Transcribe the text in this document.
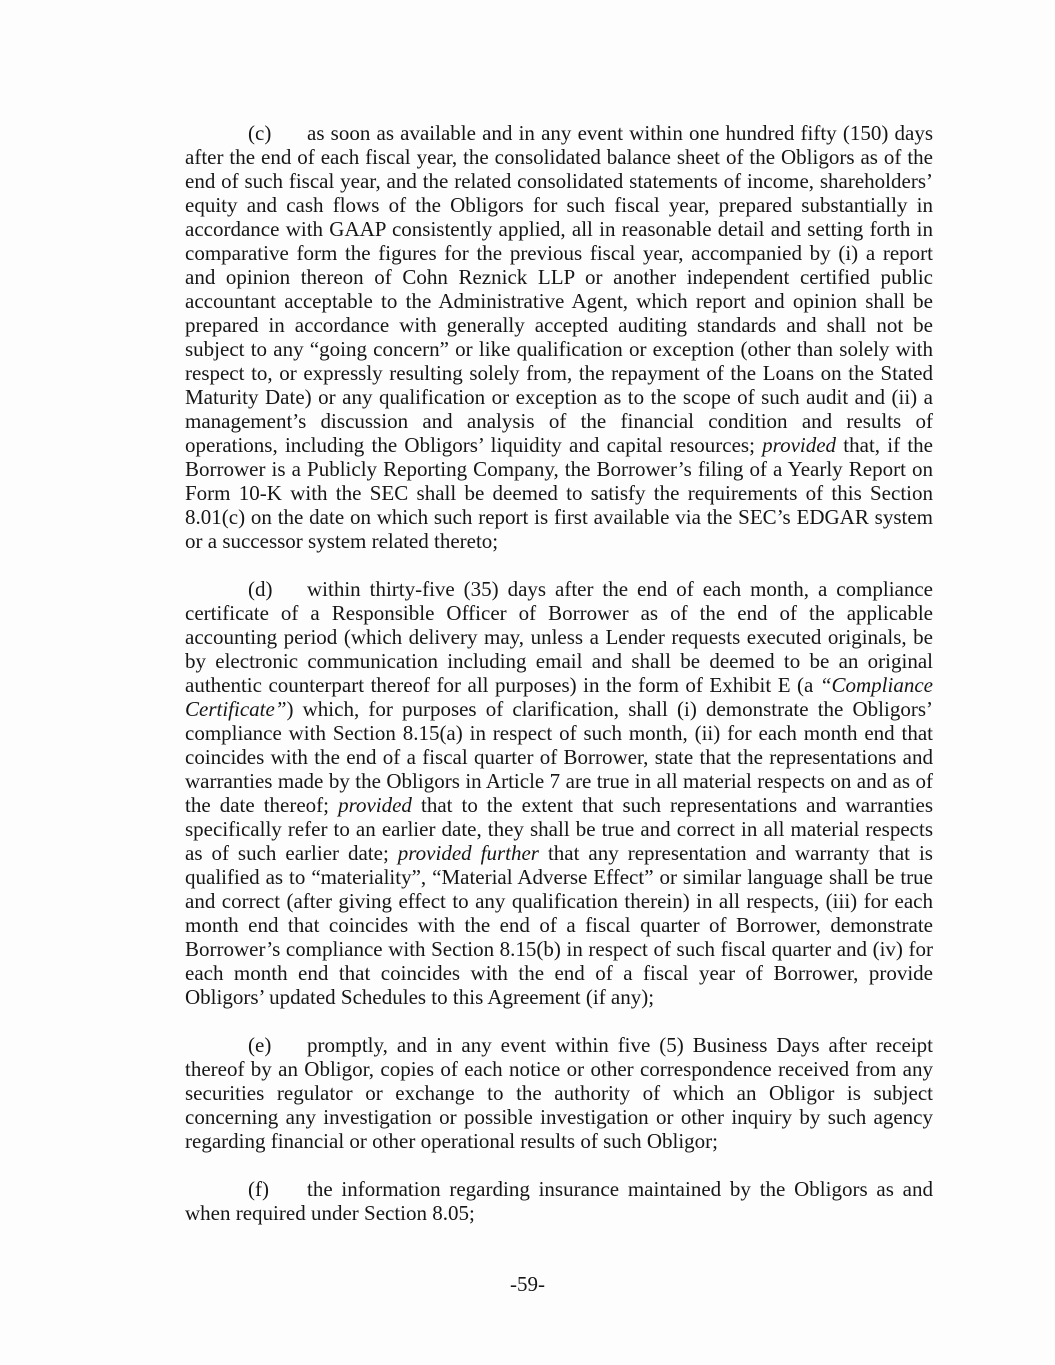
(c) as soon as available and in any event within one hundred fifty (150) days after the end of each fiscal year, the consolidated balance sheet of the Obligors as of the end of such fiscal year, and the related consolidated statements of income, shareholders’ equity and cash flows of the Obligors for such fiscal year, prepared substantially in accordance with GAAP consistently applied, all in reasonable detail and setting forth in comparative form the figures for the previous fiscal year, accompanied by (i) a report and opinion thereon of Cohn Reznick LLP or another independent certified public accountant acceptable to the Administrative Agent, which report and opinion shall be prepared in accordance with generally accepted auditing standards and shall not be subject to any “going concern” or like qualification or exception (other than solely with respect to, or expressly resulting solely from, the repayment of the Loans on the Stated Maturity Date) or any qualification or exception as to the scope of such audit and (ii) a management’s discussion and analysis of the financial condition and results of operations, including the Obligors’ liquidity and capital resources; provided that, if the Borrower is a Publicly Reporting Company, the Borrower’s filing of a Yearly Report on Form 10-K with the SEC shall be deemed to satisfy the requirements of this Section 8.01(c) on the date on which such report is first available via the SEC’s EDGAR system or a successor system related thereto;

(d) within thirty-five (35) days after the end of each month, a compliance certificate of a Responsible Officer of Borrower as of the end of the applicable accounting period (which delivery may, unless a Lender requests executed originals, be by electronic communication including email and shall be deemed to be an original authentic counterpart thereof for all purposes) in the form of Exhibit E (a “Compliance Certificate”) which, for purposes of clarification, shall (i) demonstrate the Obligors’ compliance with Section 8.15(a) in respect of such month, (ii) for each month end that coincides with the end of a fiscal quarter of Borrower, state that the representations and warranties made by the Obligors in Article 7 are true in all material respects on and as of the date thereof; provided that to the extent that such representations and warranties specifically refer to an earlier date, they shall be true and correct in all material respects as of such earlier date; provided further that any representation and warranty that is qualified as to “materiality”, “Material Adverse Effect” or similar language shall be true and correct (after giving effect to any qualification therein) in all respects, (iii) for each month end that coincides with the end of a fiscal quarter of Borrower, demonstrate Borrower’s compliance with Section 8.15(b) in respect of such fiscal quarter and (iv) for each month end that coincides with the end of a fiscal year of Borrower, provide Obligors’ updated Schedules to this Agreement (if any);

(e) promptly, and in any event within five (5) Business Days after receipt thereof by an Obligor, copies of each notice or other correspondence received from any securities regulator or exchange to the authority of which an Obligor is subject concerning any investigation or possible investigation or other inquiry by such agency regarding financial or other operational results of such Obligor;

(f) the information regarding insurance maintained by the Obligors as and when required under Section 8.05;

-59-
